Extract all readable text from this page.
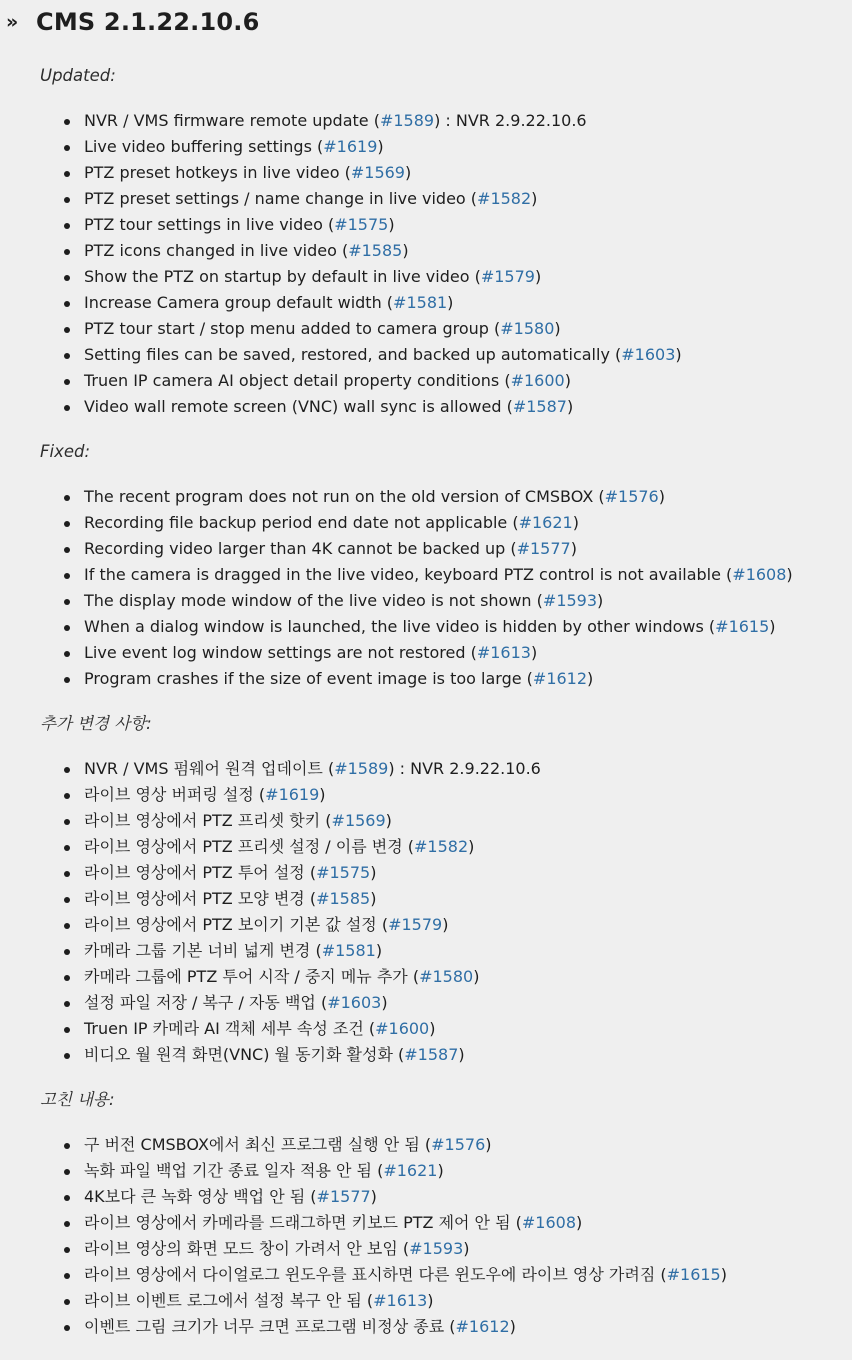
» CMS 2.1.22.10.6
Updated:
NVR / VMS firmware remote update (#1589) : NVR 2.9.22.10.6
Live video buffering settings (#1619)
PTZ preset hotkeys in live video (#1569)
PTZ preset settings / name change in live video (#1582)
PTZ tour settings in live video (#1575)
PTZ icons changed in live video (#1585)
Show the PTZ on startup by default in live video (#1579)
Increase Camera group default width (#1581)
PTZ tour start / stop menu added to camera group (#1580)
Setting files can be saved, restored, and backed up automatically (#1603)
Truen IP camera AI object detail property conditions (#1600)
Video wall remote screen (VNC) wall sync is allowed (#1587)
Fixed:
The recent program does not run on the old version of CMSBOX (#1576)
Recording file backup period end date not applicable (#1621)
Recording video larger than 4K cannot be backed up (#1577)
If the camera is dragged in the live video, keyboard PTZ control is not available (#1608)
The display mode window of the live video is not shown (#1593)
When a dialog window is launched, the live video is hidden by other windows (#1615)
Live event log window settings are not restored (#1613)
Program crashes if the size of event image is too large (#1612)
추가 변경 사항:
NVR / VMS 펌웨어 원격 업데이트 (#1589) : NVR 2.9.22.10.6
라이브 영상 버퍼링 설정 (#1619)
라이브 영상에서 PTZ 프리셋 핫키 (#1569)
라이브 영상에서 PTZ 프리셋 설정 / 이름 변경 (#1582)
라이브 영상에서 PTZ 투어 설정 (#1575)
라이브 영상에서 PTZ 모양 변경 (#1585)
라이브 영상에서 PTZ 보이기 기본 값 설정 (#1579)
카메라 그룹 기본 너비 넓게 변경 (#1581)
카메라 그룹에 PTZ 투어 시작 / 중지 메뉴 추가 (#1580)
설정 파일 저장 / 복구 / 자동 백업 (#1603)
Truen IP 카메라 AI 객체 세부 속성 조건 (#1600)
비디오 월 원격 화면(VNC) 월 동기화 활성화 (#1587)
고친 내용:
구 버전 CMSBOX에서 최신 프로그램 실행 안 됨 (#1576)
녹화 파일 백업 기간 종료 일자 적용 안 됨 (#1621)
4K보다 큰 녹화 영상 백업 안 됨 (#1577)
라이브 영상에서 카메라를 드래그하면 키보드 PTZ 제어 안 됨 (#1608)
라이브 영상의 화면 모드 창이 가려서 안 보임 (#1593)
라이브 영상에서 다이얼로그 윈도우를 표시하면 다른 윈도우에 라이브 영상 가려짐 (#1615)
라이브 이벤트 로그에서 설정 복구 안 됨 (#1613)
이벤트 그림 크기가 너무 크면 프로그램 비정상 종료 (#1612)
